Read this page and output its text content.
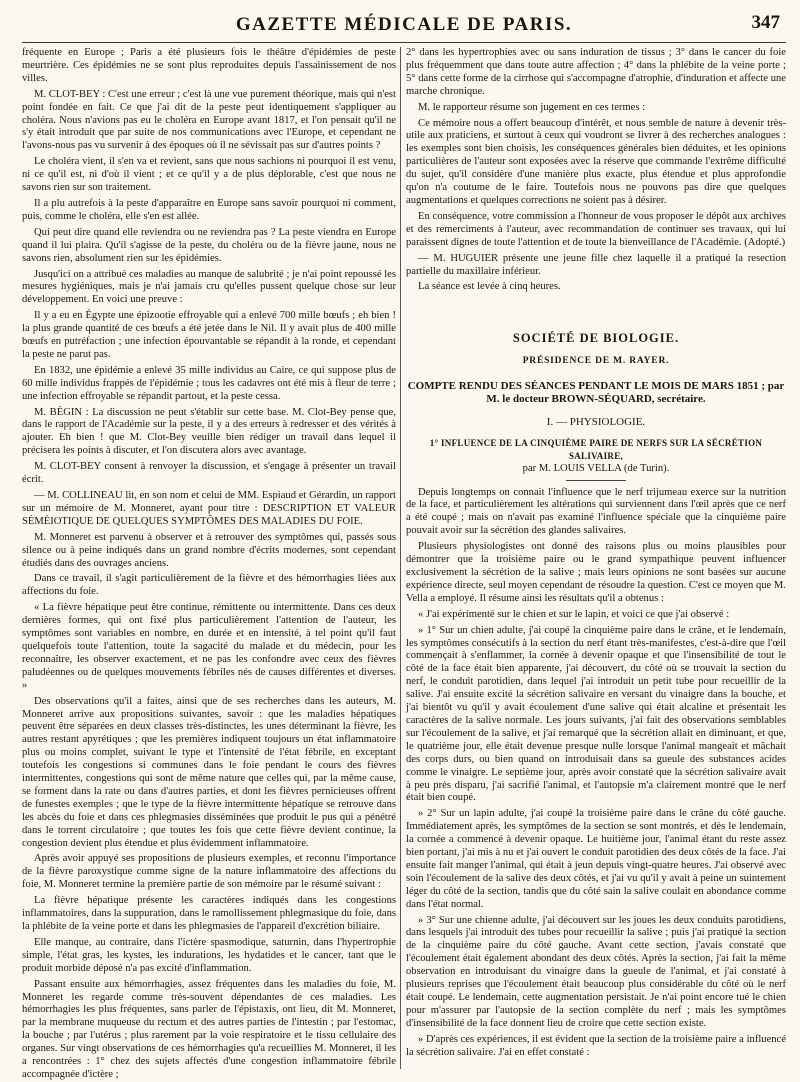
GAZETTE MÉDICALE DE PARIS.	347

fréquente en Europe ; Paris a été plusieurs fois le théâtre d'épidémies de peste meurtrière. Ces épidémies ne se sont plus reproduites depuis l'assainissement de nos villes.

M. CLOT-BEY : C'est une erreur ; c'est là une vue purement théorique, mais qui n'est point fondée en fait. Ce que j'ai dit de la peste peut identiquement s'appliquer au choléra. Nous n'avions pas eu le choléra en Europe avant 1817, et l'on pensait qu'il ne s'y était introduit que par suite de nos communications avec l'Europe, et cependant ne l'avons-nous pas vu survenir à des époques où il ne sévissait pas sur d'autres points ?

Le choléra vient, il s'en va et revient, sans que nous sachions ni pourquoi il est venu, ni ce qu'il est, ni d'où il vient ; et ce qu'il y a de plus déplorable, c'est que nous ne savons rien sur son traitement.

Il a plu autrefois à la peste d'apparaître en Europe sans savoir pourquoi ni comment, puis, comme le choléra, elle s'en est allée.

Qui peut dire quand elle reviendra ou ne reviendra pas ? La peste viendra en Europe quand il lui plaira. Qu'il s'agisse de la peste, du choléra ou de la fièvre jaune, nous ne savons rien, absolument rien sur les épidémies.

Jusqu'ici on a attribué ces maladies au manque de salubrité ; je n'ai point repoussé les mesures hygiéniques, mais je n'ai jamais cru qu'elles pussent quelque chose sur leur développement. En voici une preuve :

Il y a eu en Égypte une épizootie effroyable qui a enlevé 700 mille bœufs ; eh bien ! la plus grande quantité de ces bœufs a été jetée dans le Nil. Il y avait plus de 400 mille bœufs en putréfaction ; une infection épouvantable se répandit à la ronde, et cependant la peste ne parut pas.

En 1832, une épidémie a enlevé 35 mille individus au Caire, ce qui suppose plus de 60 mille individus frappés de l'épidémie ; tous les cadavres ont été mis à fleur de terre ; une infection effroyable se répandit partout, et la peste cessa.

M. BÉGIN : La discussion ne peut s'établir sur cette base. M. Clot-Bey pense que, dans le rapport de l'Académie sur la peste, il y a des erreurs à redresser et des vérités à ajouter. Eh bien ! que M. Clot-Bey veuille bien rédiger un travail dans lequel il précisera les points à discuter, et l'on discutera alors avec avantage.

M. CLOT-BEY consent à renvoyer la discussion, et s'engage à présenter un travail écrit.

— M. COLLINEAU lit, en son nom et celui de MM. Espiaud et Gérardin, un rapport sur un mémoire de M. Monneret, ayant pour titre : DESCRIPTION ET VALEUR SÉMÉIOTIQUE DE QUELQUES SYMPTÔMES DES MALADIES DU FOIE.

M. Monneret est parvenu à observer et à retrouver des symptômes qui, passés sous silence ou à peine indiqués dans un grand nombre d'écrits modernes, sont cependant étudiés dans des ouvrages anciens.

Dans ce travail, il s'agit particulièrement de la fièvre et des hémorrhagies liées aux affections du foie.

« La fièvre hépatique peut être continue, rémittente ou intermittente. Dans ces deux dernières formes, qui ont fixé plus particulièrement l'attention de l'auteur, les symptômes sont variables en nombre, en durée et en intensité, à tel point qu'il faut quelquefois toute l'attention, toute la sagacité du malade et du médecin, pour les reconnaître, les observer exactement, et ne pas les confondre avec ceux des fièvres paludéennes ou de quelques mouvements fébriles nés de causes différentes et diverses. »

Des observations qu'il a faites, ainsi que de ses recherches dans les auteurs, M. Monneret arrive aux propositions suivantes, savoir : que les maladies hépatiques peuvent être séparées en deux classes très-distinctes, les unes déterminant la fièvre, les autres restant apyrétiques ; que les premières indiquent toujours un état inflammatoire plus ou moins complet, suivant le type et l'intensité de l'état fébrile, en exceptant toutefois les congestions si communes dans le foie pendant le cours des fièvres intermittentes, congestions qui sont de même nature que celles qui, par la même cause, se forment dans la rate ou dans d'autres parties, et dont les fièvres pernicieuses offrent de funestes exemples ; que le type de la fièvre intermittente hépatique se retrouve dans les abcès du foie et dans ces phlegmasies disséminées que produit le pus qui a pénétré dans le torrent circulatoire ; que toutes les fois que cette fièvre devient continue, la congestion devient plus étendue et plus évidemment inflammatoire.

Après avoir appuyé ses propositions de plusieurs exemples, et reconnu l'importance de la fièvre paroxystique comme signe de la nature inflammatoire des affections du foie, M. Monneret termine la première partie de son mémoire par le résumé suivant :

La fièvre hépatique présente les caractères indiqués dans les congestions inflammatoires, dans la suppuration, dans le ramollissement phlegmasique du foie, dans la phlébite de la veine porte et dans les phlegmasies de l'appareil d'excrétion biliaire.

Elle manque, au contraire, dans l'ictère spasmodique, saturnin, dans l'hypertrophie simple, l'état gras, les kystes, les indurations, les hydatides et le cancer, tant que le produit morbide déposé n'a pas excité d'inflammation.

Passant ensuite aux hémorrhagies, assez fréquentes dans les maladies du foie, M. Monneret les regarde comme très-souvent dépendantes de ces maladies. Les hémorrhagies les plus fréquentes, sans parler de l'épistaxis, ont lieu, dit M. Monneret, par la membrane muqueuse du rectum et des autres parties de l'intestin ; par l'estomac, la bouche ; par l'utérus ; plus rarement par la voie respiratoire et le tissu cellulaire des organes. Sur vingt observations de ces hémorrhagies qu'a recueillies M. Monneret, il les a rencontrées : 1° chez des sujets affectés d'une congestion inflammatoire fébrile accompagnée d'ictère ;

2° dans les hypertrophies avec ou sans induration de tissus ; 3° dans le cancer du foie plus fréquemment que dans toute autre affection ; 4° dans la phlébite de la veine porte ; 5° dans cette forme de la cirrhose qui s'accompagne d'atrophie, d'induration et affecte une marche chronique.

M. le rapporteur résume son jugement en ces termes :

Ce mémoire nous a offert beaucoup d'intérêt, et nous semble de nature à devenir très-utile aux praticiens, et surtout à ceux qui voudront se livrer à des recherches analogues : les exemples sont bien choisis, les conséquences générales bien déduites, et les opinions particulières de l'auteur sont exposées avec la réserve que commande l'extrême difficulté du sujet, qu'il considère d'une manière plus exacte, plus étendue et plus approfondie qu'on n'a coutume de le faire. Toutefois nous ne pouvons pas dire que quelques augmentations et quelques corrections ne soient pas à désirer.

En conséquence, votre commission a l'honneur de vous proposer le dépôt aux archives et des remerciments à l'auteur, avec recommandation de continuer ses travaux, qui lui paraissent dignes de toute l'attention et de toute la bienveillance de l'Académie. (Adopté.)

— M. HUGUIER présente une jeune fille chez laquelle il a pratiqué la resection partielle du maxillaire inférieur.

La séance est levée à cinq heures.

SOCIÉTÉ DE BIOLOGIE.
PRÉSIDENCE DE M. RAYER.
COMPTE RENDU DES SÉANCES PENDANT LE MOIS DE MARS 1851 ; par M. le docteur BROWN-SÉQUARD, secrétaire.
I. — PHYSIOLOGIE.
1° INFLUENCE DE LA CINQUIÈME PAIRE DE NERFS SUR LA SÉCRÉTION SALIVAIRE,
par M. LOUIS VELLA (de Turin).

Depuis longtemps on connait l'influence que le nerf trijumeau exerce sur la nutrition de la face, et particulièrement les altérations qui surviennent dans l'œil après que ce nerf a été coupé ; mais on n'avait pas examiné l'influence spéciale que la cinquième paire pouvait avoir sur la sécrétion des glandes salivaires.

Plusieurs physiologistes ont donné des raisons plus ou moins plausibles pour démontrer que la troisième paire ou le grand sympathique peuvent influencer exclusivement la sécrétion de la salive ; mais leurs opinions ne sont basées sur aucune expérience directe, seul moyen cependant de résoudre la question. C'est ce moyen que M. Vella a employé. Il résume ainsi les résultats qu'il a obtenus :

« J'ai expérimenté sur le chien et sur le lapin, et voici ce que j'ai observé :

» 1° Sur un chien adulte, j'ai coupé la cinquième paire dans le crâne, et le lendemain, les symptômes consécutifs à la section du nerf étant très-manifestes, c'est-à-dire que l'œil commençait à s'enflammer, la cornée à devenir opaque et que l'insensibilité de tout le côté de la face était bien apparente, j'ai découvert, du côté où se trouvait la section du nerf, le conduit parotidien, dans lequel j'ai introduit un petit tube pour recueillir de la salive. J'ai ensuite excité la sécrétion salivaire en versant du vinaigre dans la bouche, et j'ai bientôt vu qu'il y avait écoulement d'une salive qui était alcaline et présentait les caractères de la salive normale. Les jours suivants, j'ai fait des observations semblables sur l'écoulement de la salive, et j'ai remarqué que la sécrétion allait en diminuant, et que, le quatrième jour, elle était devenue presque nulle lorsque l'animal mangeait et mâchait des corps durs, ou bien quand on introduisait dans sa gueule des substances acides comme le vinaigre. Le septième jour, après avoir constaté que la sécrétion salivaire avait à peu près disparu, j'ai sacrifié l'animal, et l'autopsie m'a clairement montré que le nerf était bien coupé.

» 2° Sur un lapin adulte, j'ai coupé la troisième paire dans le crâne du côté gauche. Immédiatement après, les symptômes de la section se sont montrés, et dès le lendemain, la cornée a commencé à devenir opaque. Le huitième jour, l'animal étant du reste assez bien portant, j'ai mis à nu et j'ai ouvert le conduit parotidien des deux côtés de la face. J'ai ensuite fait manger l'animal, qui était à jeun depuis vingt-quatre heures. J'ai observé avec soin l'écoulement de la salive des deux côtés, et j'ai vu qu'il y avait à peine un suintement léger du côté de la section, tandis que du côté sain la salive coulait en abondance comme dans l'état normal.

» 3° Sur une chienne adulte, j'ai découvert sur les joues les deux conduits parotidiens, dans lesquels j'ai introduit des tubes pour recueillir la salive ; puis j'ai pratiqué la section de la cinquième paire du côté gauche. Avant cette section, j'avais constaté que l'écoulement était également abondant des deux côtés. Après la section, j'ai fait la même observation en introduisant du vinaigre dans la gueule de l'animal, et j'ai constaté à plusieurs reprises que l'écoulement était beaucoup plus considérable du côté où le nerf était coupé. Le lendemain, cette augmentation persistait. Je n'ai point encore tué le chien pour m'assurer par l'autopsie de la section complète du nerf ; mais les symptômes d'insensibilité de la face donnent lieu de croire que cette section existe.

» D'après ces expériences, il est évident que la section de la troisième paire a influencé la sécrétion salivaire. J'ai en effet constaté :
